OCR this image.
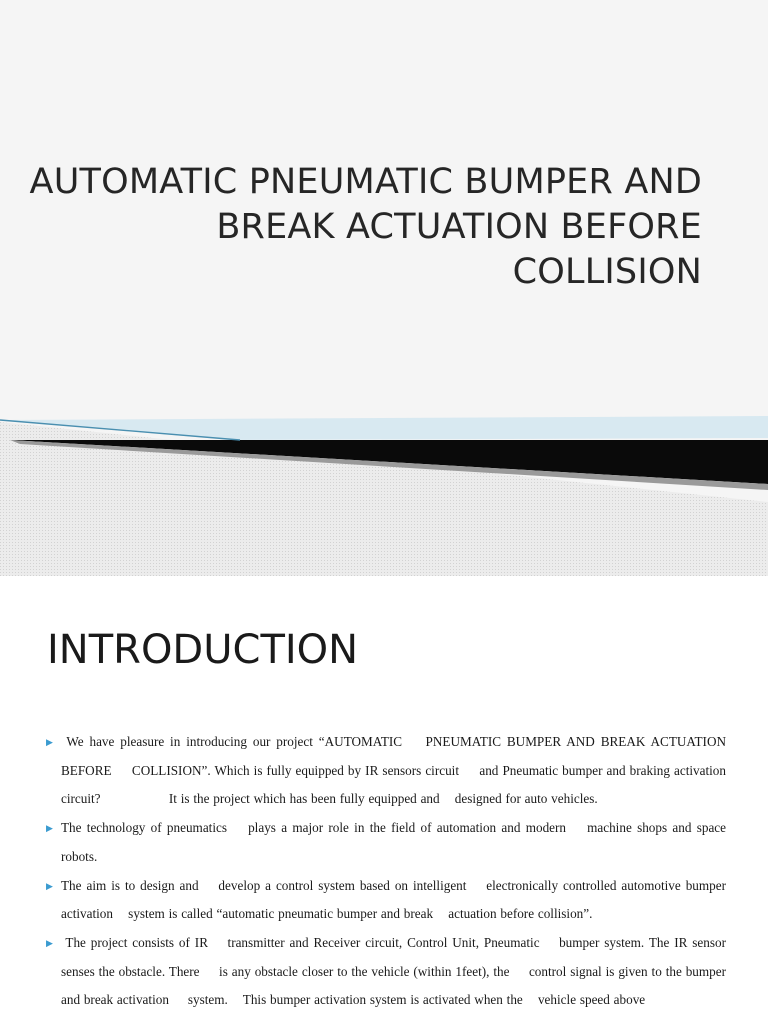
AUTOMATIC PNEUMATIC BUMPER AND BREAK ACTUATION BEFORE COLLISION
INTRODUCTION
▶ We have pleasure in introducing our project “AUTOMATIC    PNEUMATIC BUMPER AND BREAK ACTUATION BEFORE     COLLISION”. Which is fully equipped by IR sensors circuit     and Pneumatic bumper and braking activation circuit?                  It is the project which has been fully equipped and    designed for auto vehicles.
▶ The technology of pneumatics    plays a major role in the field of automation and modern    machine shops and space robots.
▶ The aim is to design and    develop a control system based on intelligent    electronically controlled automotive bumper activation    system is called “automatic pneumatic bumper and break    actuation before collision”.
▶ The project consists of IR    transmitter and Receiver circuit, Control Unit, Pneumatic    bumper system. The IR sensor senses the obstacle. There     is any obstacle closer to the vehicle (within 1feet), the     control signal is given to the bumper and break activation     system.    This bumper activation system is activated when the    vehicle speed above
